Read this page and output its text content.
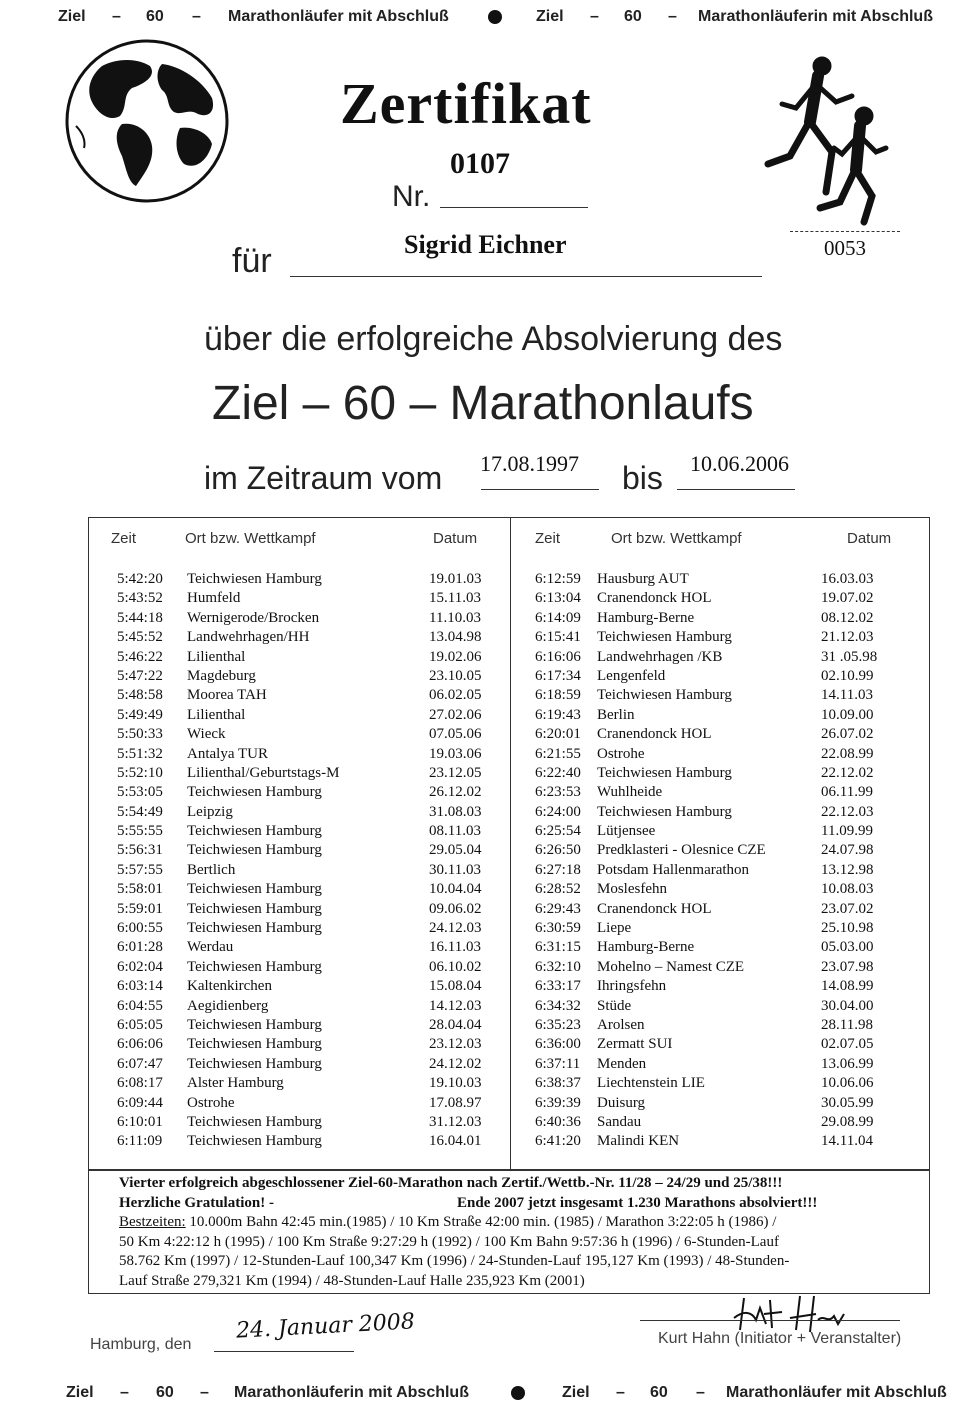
Ziel – 60 – Marathonläufer mit Abschluß	Ziel – 60 – Marathonläuferin mit Abschluß
Zertifikat
0107
Nr.
für	Sigrid Eichner	0053
über die erfolgreiche Absolvierung des
Ziel – 60 – Marathonlaufs
im Zeitraum vom 17.08.1997 bis 10.06.2006
Zeit	Ort bzw. Wettkampf	Datum	Zeit	Ort bzw. Wettkampf	Datum
5:42:20 Teichwiesen Hamburg	19.01.03
5:43:52 Humfeld	15.11.03
5:44:18 Wernigerode/Brocken	11.10.03
5:45:52 Landwehrhagen/HH	13.04.98
5:46:22 Lilienthal	19.02.06
5:47:22 Magdeburg	23.10.05
5:48:58 Moorea TAH	06.02.05
5:49:49 Lilienthal	27.02.06
5:50:33 Wieck	07.05.06
5:51:32 Antalya TUR	19.03.06
5:52:10 Lilienthal/Geburtstags-M	23.12.05
5:53:05 Teichwiesen Hamburg	26.12.02
5:54:49 Leipzig	31.08.03
5:55:55 Teichwiesen Hamburg	08.11.03
5:56:31 Teichwiesen Hamburg	29.05.04
5:57:55 Bertlich	30.11.03
5:58:01 Teichwiesen Hamburg	10.04.04
5:59:01 Teichwiesen Hamburg	09.06.02
6:00:55 Teichwiesen Hamburg	24.12.03
6:01:28 Werdau	16.11.03
6:02:04 Teichwiesen Hamburg	06.10.02
6:03:14 Kaltenkirchen	15.08.04
6:04:55 Aegidienberg	14.12.03
6:05:05 Teichwiesen Hamburg	28.04.04
6:06:06 Teichwiesen Hamburg	23.12.03
6:07:47 Teichwiesen Hamburg	24.12.02
6:08:17 Alster Hamburg	19.10.03
6:09:44 Ostrohe	17.08.97
6:10:01 Teichwiesen Hamburg	31.12.03
6:11:09 Teichwiesen Hamburg	16.04.01
6:12:59 Hausburg AUT	16.03.03
6:13:04 Cranendonck HOL	19.07.02
6:14:09 Hamburg-Berne	08.12.02
6:15:41 Teichwiesen Hamburg	21.12.03
6:16:06 Landwehrhagen /KB	31 .05.98
6:17:34 Lengenfeld	02.10.99
6:18:59 Teichwiesen Hamburg	14.11.03
6:19:43 Berlin	10.09.00
6:20:01 Cranendonck HOL	26.07.02
6:21:55 Ostrohe	22.08.99
6:22:40 Teichwiesen Hamburg	22.12.02
6:23:53 Wuhlheide	06.11.99
6:24:00 Teichwiesen Hamburg	22.12.03
6:25:54 Lütjensee	11.09.99
6:26:50 Predklasteri - Olesnice CZE	24.07.98
6:27:18 Potsdam Hallenmarathon	13.12.98
6:28:52 Moslesfehn	10.08.03
6:29:43 Cranendonck HOL	23.07.02
6:30:59 Liepe	25.10.98
6:31:15 Hamburg-Berne	05.03.00
6:32:10 Mohelno – Namest CZE	23.07.98
6:33:17 Ihringsfehn	14.08.99
6:34:32 Stüde	30.04.00
6:35:23 Arolsen	28.11.98
6:36:00 Zermatt SUI	02.07.05
6:37:11 Menden	13.06.99
6:38:37 Liechtenstein LIE	10.06.06
6:39:39 Duisurg	30.05.99
6:40:36 Sandau	29.08.99
6:41:20 Malindi KEN	14.11.04

Vierter erfolgreich abgeschlossener Ziel-60-Marathon nach Zertif./Wettb.-Nr. 11/28 – 24/29 und 25/38!!!

Herzliche Gratulation! -	Ende 2007 jetzt insgesamt 1.230 Marathons absolviert!!!

Bestzeiten: 10.000m Bahn 42:45 min.(1985) / 10 Km Straße 42:00 min. (1985) / Marathon 3:22:05 h (1986) /

50 Km 4:22:12 h (1995) / 100 Km Straße 9:27:29 h (1992) / 100 Km Bahn 9:57:36 h (1996) / 6-Stunden-Lauf

58.762 Km (1997) / 12-Stunden-Lauf 100,347 Km (1996) / 24-Stunden-Lauf 195,127 Km (1993) / 48-Stunden-

Lauf Straße 279,321 Km (1994) / 48-Stunden-Lauf Halle 235,923 Km (2001)

Hamburg, den
24. Januar 2008	Kurt Hahn (Initiator + Veranstalter)
Ziel – 60 – Marathonläuferin mit Abschluß	Ziel – 60 – Marathonläufer mit Abschluß
